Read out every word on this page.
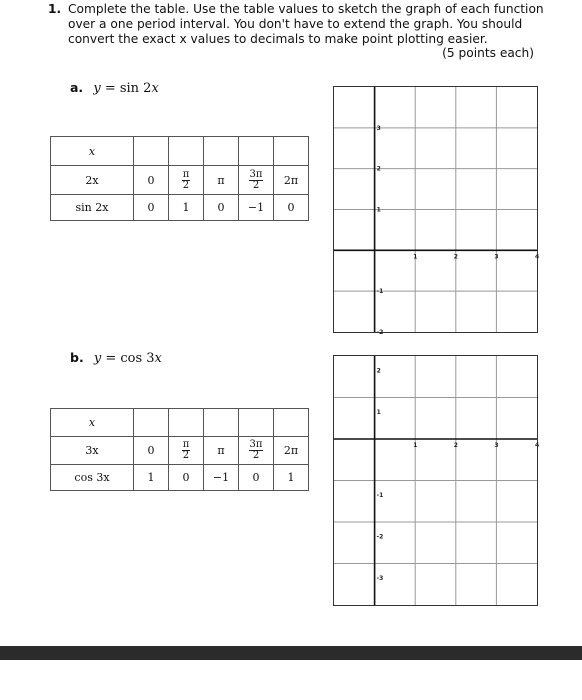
1. Complete the table. Use the table values to sketch the graph of each function over a one period interval. You don't have to extend the graph. You should convert the exact x values to decimals to make point plotting easier.
(5 points each)
a. y = sin 2x
x					
2x	0	$\frac{\pi}{2}$	π	$\frac{3\pi}{2}$	2π
sin 2x	0	1	0	−1	0
1	2	3	4
3
2
1
-1
-2
b. y = cos 3x
x					
3x	0	$\frac{\pi}{2}$	π	$\frac{3\pi}{2}$	2π
cos 3x	1	0	−1	0	1
1	2	3	4
2
1
-1
-2
-3
